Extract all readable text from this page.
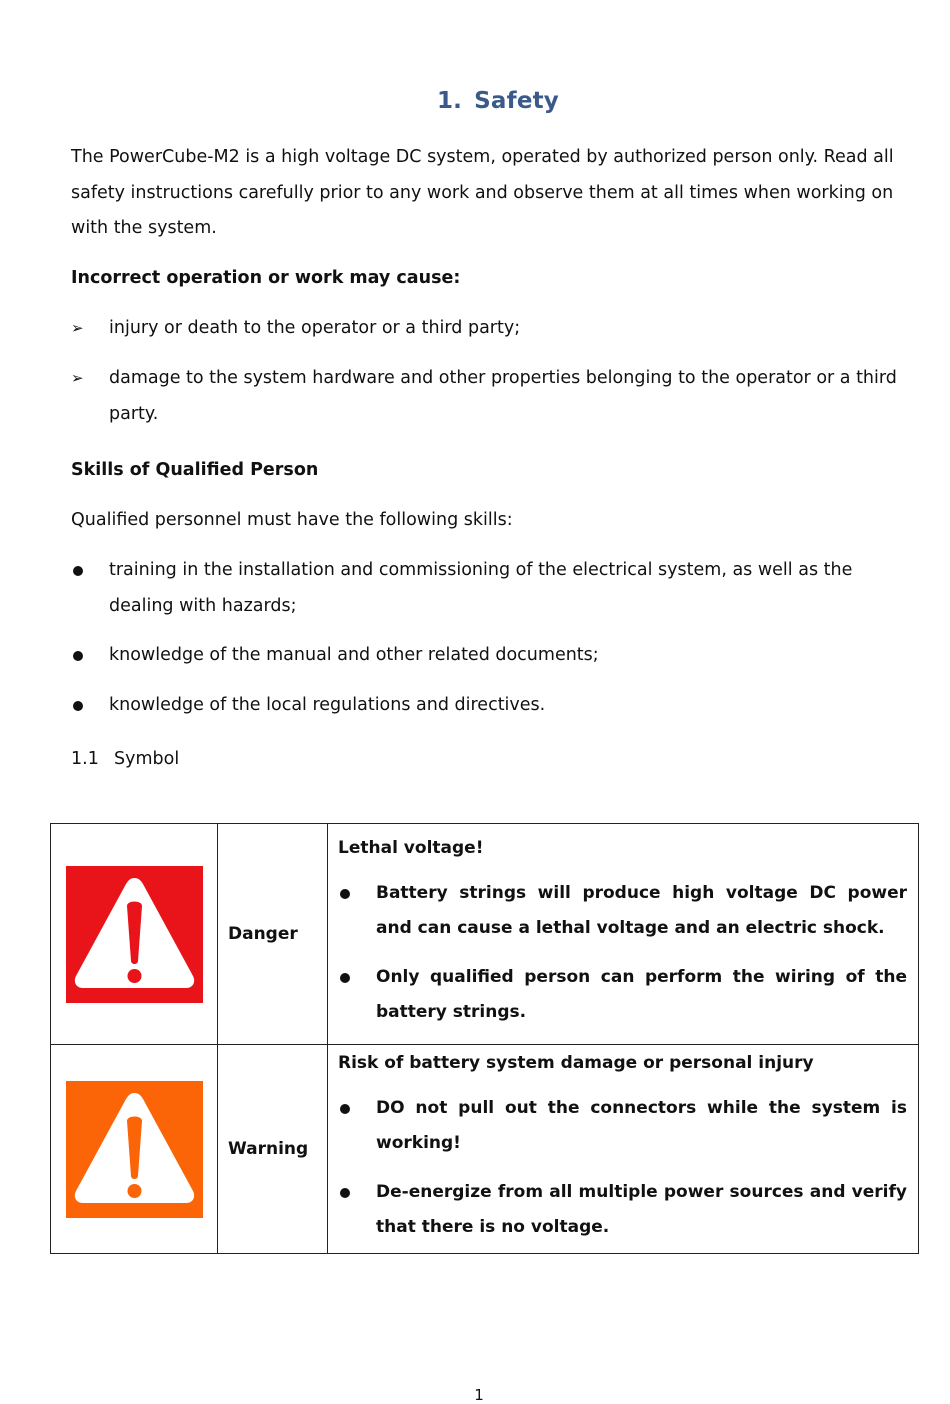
1. Safety
The PowerCube-M2 is a high voltage DC system, operated by authorized person only. Read all safety instructions carefully prior to any work and observe them at all times when working on with the system.
Incorrect operation or work may cause:
➢	injury or death to the operator or a third party;
➢	damage to the system hardware and other properties belonging to the operator or a third party.
Skills of Qualified Person
Qualified personnel must have the following skills:
training in the installation and commissioning of the electrical system, as well as the dealing with hazards;
knowledge of the manual and other related documents;
knowledge of the local regulations and directives.
1.1 Symbol
	Danger	Lethal voltage!
Battery strings will produce high voltage DC power and can cause a lethal voltage and an electric shock.
Only qualified person can perform the wiring of the battery strings.

	Warning	Risk of battery system damage or personal injury
DO not pull out the connectors while the system is working!
De-energize from all multiple power sources and verify that there is no voltage.
1
